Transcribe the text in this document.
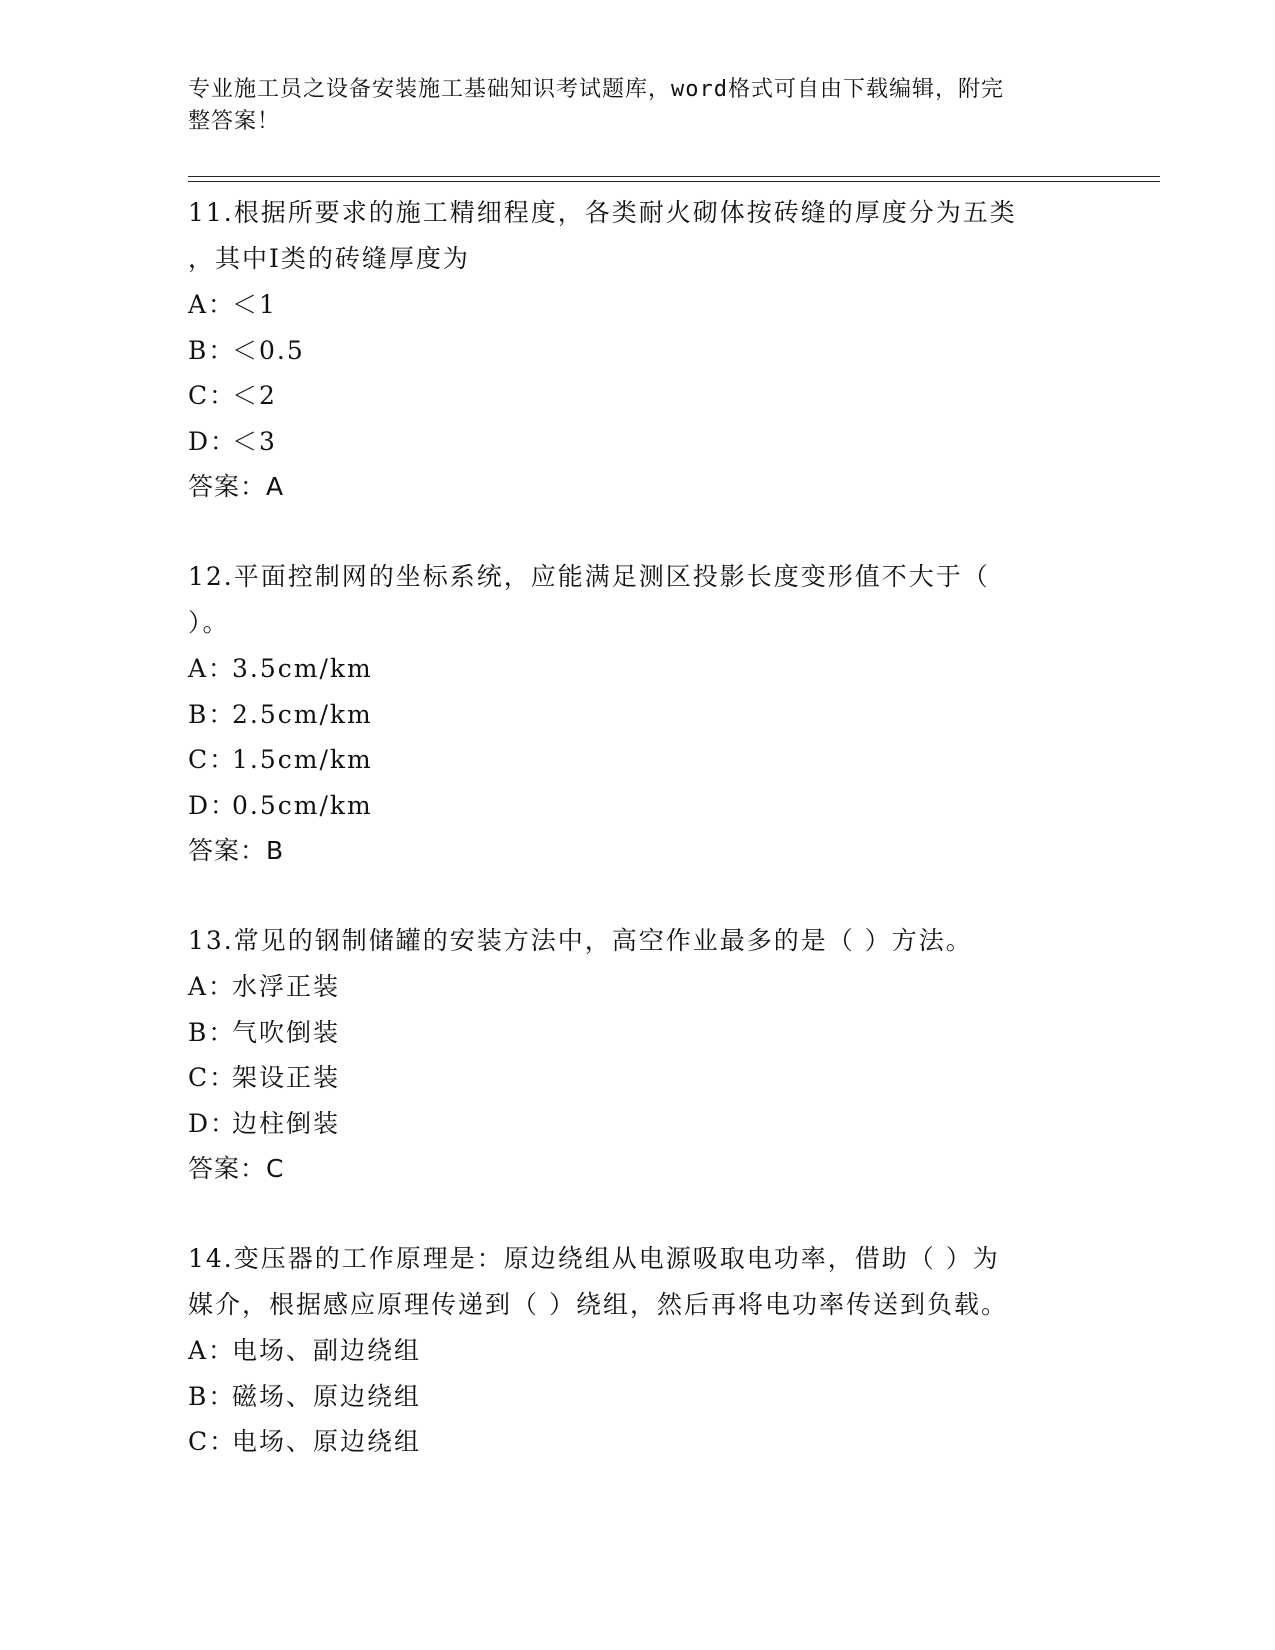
专业施工员之设备安装施工基础知识考试题库，word格式可自由下载编辑，附完
整答案！
11.根据所要求的施工精细程度，各类耐火砌体按砖缝的厚度分为五类
，其中Ⅰ类的砖缝厚度为
A：＜1
B：＜0.5
C：＜2
D：＜3
答案：A
12.平面控制网的坐标系统，应能满足测区投影长度变形值不大于（
）。
A：3.5cm/km
B：2.5cm/km
C：1.5cm/km
D：0.5cm/km
答案：B
13.常见的钢制储罐的安装方法中，高空作业最多的是（ ）方法。
A：水浮正装
B：气吹倒装
C：架设正装
D：边柱倒装
答案：C
14.变压器的工作原理是：原边绕组从电源吸取电功率，借助（ ）为
媒介，根据感应原理传递到（ ）绕组，然后再将电功率传送到负载。
A：电场、副边绕组
B：磁场、原边绕组
C：电场、原边绕组
